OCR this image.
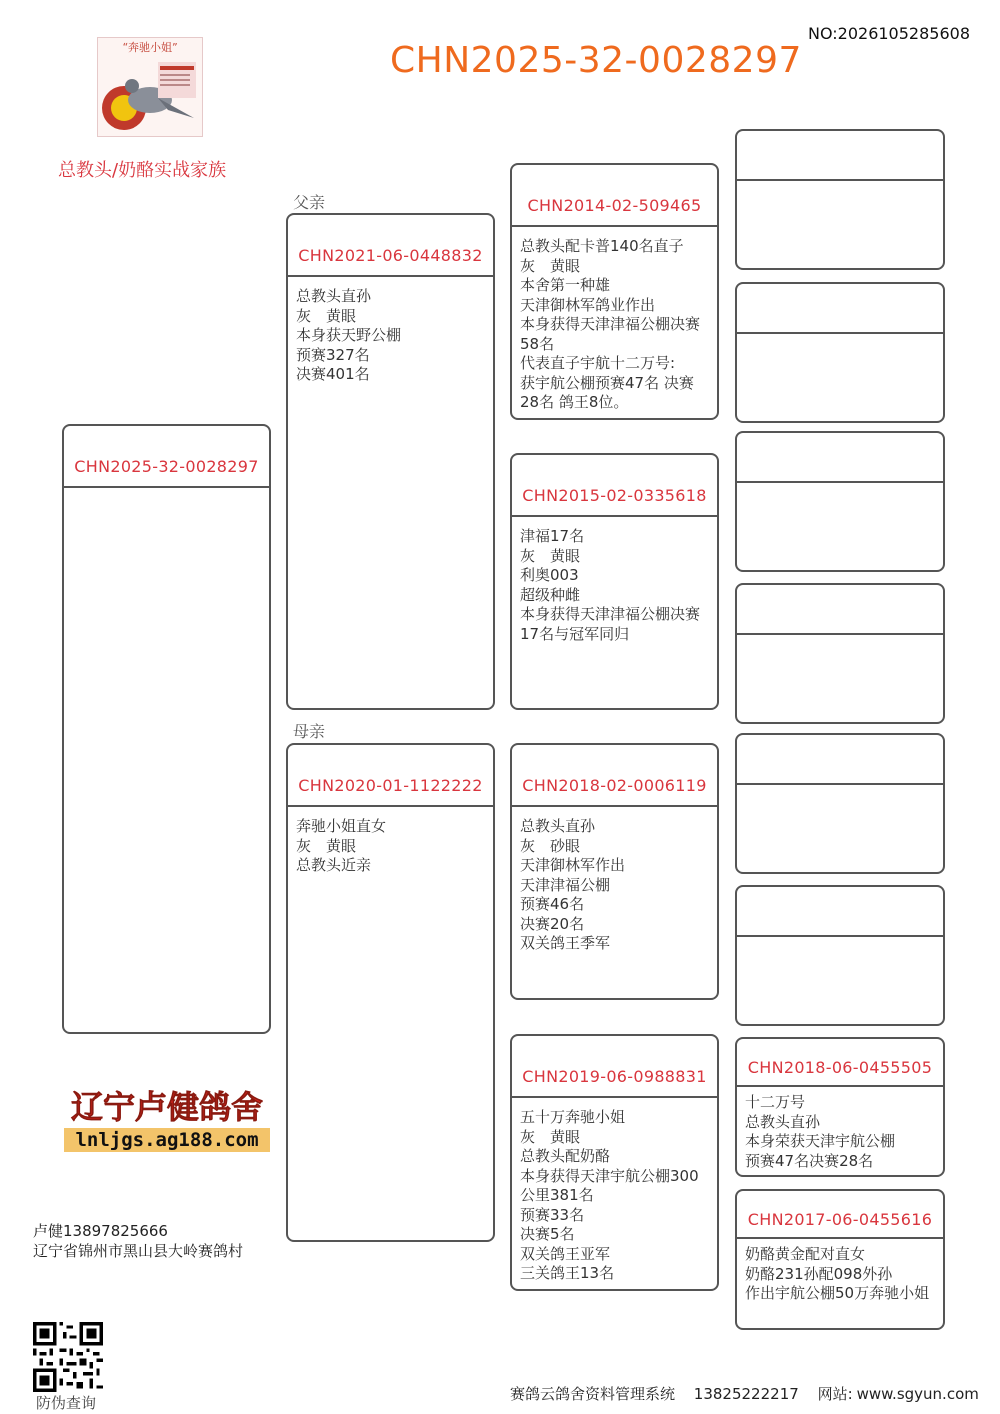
“奔驰小姐”	CHN2025-32-0028297
NO:2026105285608
总教头/奶酪实战家族
CHN2025-32-0028297
父亲
CHN2021-06-0448832
总教头直孙
灰　黄眼
本身获天野公棚
预赛327名
决赛401名
母亲
CHN2020-01-1122222
奔驰小姐直女
灰　黄眼
总教头近亲
CHN2014-02-509465
总教头配卡普140名直子
灰　黄眼
本舍第一种雄
天津御林军鸽业作出
本身获得天津津福公棚决赛58名
代表直子宇航十二万号:
获宇航公棚预赛47名 决赛28名 鸽王8位。
CHN2015-02-0335618
津福17名
灰　黄眼
利奥003
超级种雌
本身获得天津津福公棚决赛17名与冠军同归
CHN2018-02-0006119
总教头直孙
灰　砂眼
天津御林军作出
天津津福公棚
预赛46名
决赛20名
双关鸽王季军
CHN2019-06-0988831
五十万奔驰小姐
灰　黄眼
总教头配奶酪
本身获得天津宇航公棚300公里381名
预赛33名
决赛5名
双关鸽王亚军
三关鸽王13名
CHN2018-06-0455505
十二万号
总教头直孙
本身荣获天津宇航公棚
预赛47名决赛28名
CHN2017-06-0455616
奶酪黄金配对直女
奶酪231孙配098外孙
作出宇航公棚50万奔驰小姐
辽宁卢健鸽舍
lnljgs.ag188.com
卢健13897825666
辽宁省锦州市黑山县大岭赛鸽村
防伪查询	赛鸽云鸽舍资料管理系统 13825222217 网站: www.sgyun.com
